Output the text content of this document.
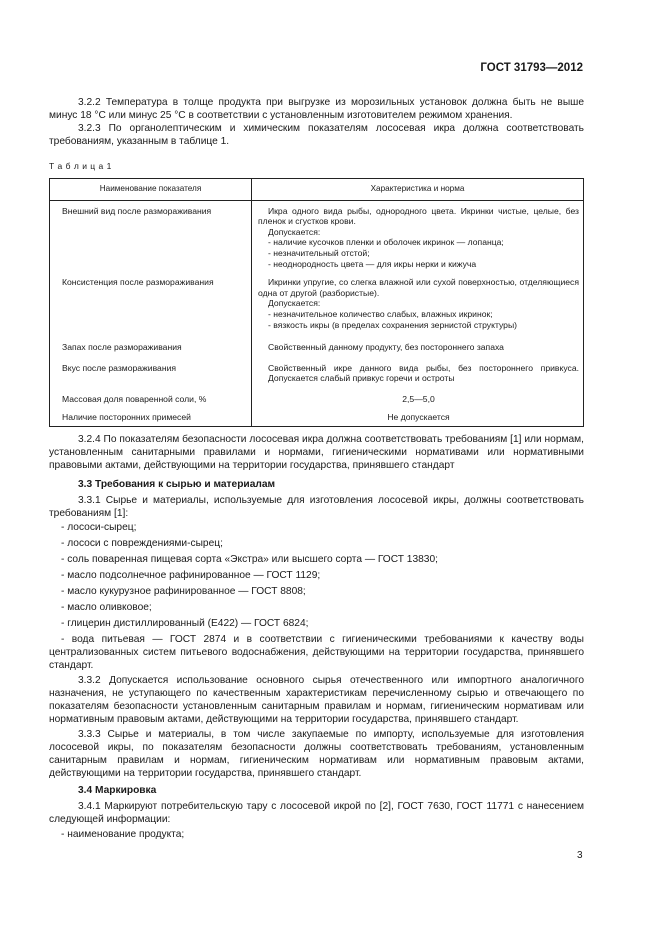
ГОСТ 31793—2012
3.2.2 Температура в толще продукта при выгрузке из морозильных установок должна быть не выше минус 18 °С или минус 25 °С в соответствии с установленным изготовителем режимом хранения.
3.2.3 По органолептическим и химическим показателям лососевая икра должна соответствовать требованиям, указанным в таблице 1.
Т а б л и ц а 1
Наименование показателя	Характеристика и норма
Внешний вид после размораживания	Икра одного вида рыбы, однородного цвета. Икринки чистые, целые, без пленок и сгустков крови.
Допускается:
- наличие кусочков пленки и оболочек икринок — лопанца;
- незначительный отстой;
- неоднородность цвета — для икры нерки и кижуча

Консистенция после размораживания	Икринки упругие, со слегка влажной или сухой поверхностью, отделяющиеся одна от другой (разбористые).
Допускается:
- незначительное количество слабых, влажных икринок;
- вязкость икры (в пределах сохранения зернистой структуры)

Запах после размораживания	Свойственный данному продукту, без постороннего запаха

Вкус после размораживания	Свойственный икре данного вида рыбы, без постороннего привкуса. Допускается слабый привкус горечи и остроты

Массовая доля поваренной соли, %	2,5—5,0
Наличие посторонних примесей	Не допускается
3.2.4 По показателям безопасности лососевая икра должна соответствовать требованиям [1] или нормам, установленным санитарными правилами и нормами, гигиеническими нормативами или нормативными правовыми актами, действующими на территории государства, принявшего стандарт
3.3 Требования к сырью и материалам
3.3.1 Сырье и материалы, используемые для изготовления лососевой икры, должны соответствовать требованиям [1]:
- лососи-сырец;
- лососи с повреждениями-сырец;
- соль поваренная пищевая сорта «Экстра» или высшего сорта — ГОСТ 13830;
- масло подсолнечное рафинированное — ГОСТ 1129;
- масло кукурузное рафинированное — ГОСТ 8808;
- масло оливковое;
- глицерин дистиллированный (Е422) — ГОСТ 6824;
- вода питьевая — ГОСТ 2874 и в соответствии с гигиеническими требованиями к качеству воды централизованных систем питьевого водоснабжения, действующими на территории государства, принявшего стандарт.
3.3.2 Допускается использование основного сырья отечественного или импортного аналогичного назначения, не уступающего по качественным характеристикам перечисленному сырью и отвечающего по показателям безопасности установленным санитарным правилам и нормам, гигиеническим нормативам или нормативным правовым актами, действующими на территории государства, принявшего стандарт.
3.3.3 Сырье и материалы, в том числе закупаемые по импорту, используемые для изготовления лососевой икры, по показателям безопасности должны соответствовать требованиям, установленным санитарным правилам и нормам, гигиеническим нормативам или нормативным правовым актами, действующими на территории государства, принявшего стандарт.
3.4 Маркировка
3.4.1 Маркируют потребительскую тару с лососевой икрой по [2], ГОСТ 7630, ГОСТ 11771 с нанесением следующей информации:
- наименование продукта;
3
